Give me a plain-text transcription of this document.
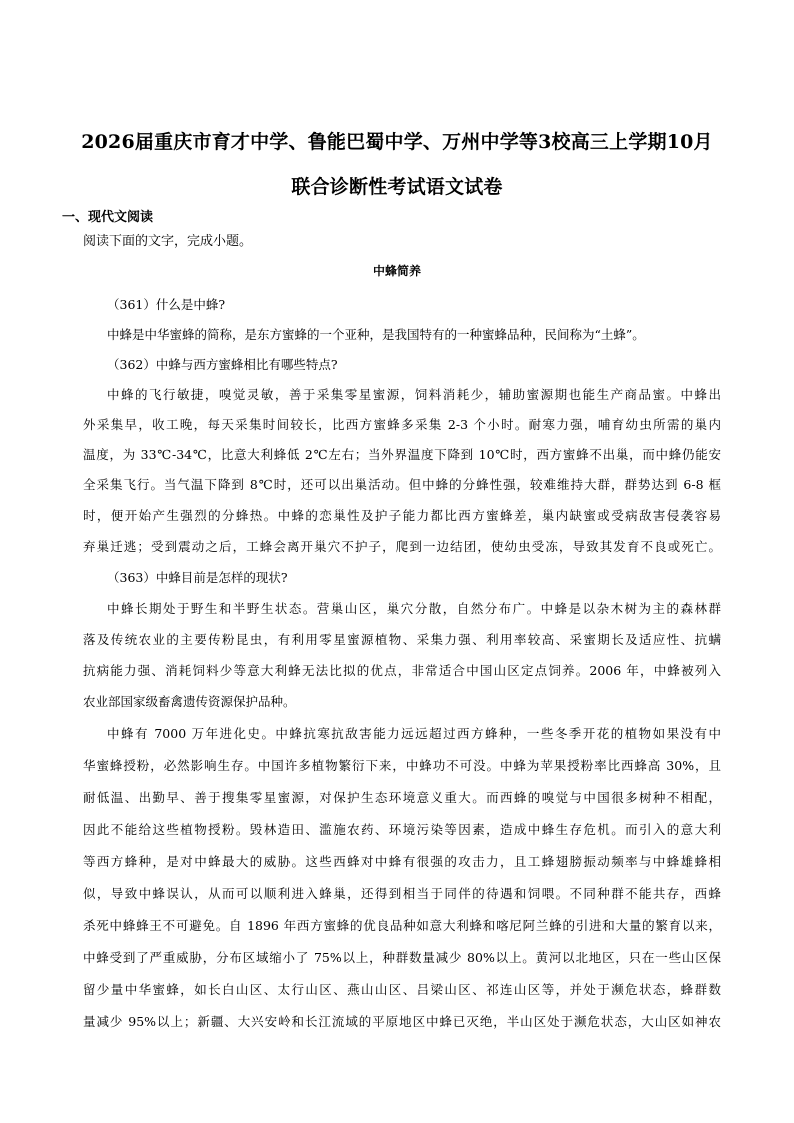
2026届重庆市育才中学、鲁能巴蜀中学、万州中学等3校高三上学期10月
联合诊断性考试语文试卷
一、现代文阅读
阅读下面的文字，完成小题。
中蜂简养
（361）什么是中蜂?
中蜂是中华蜜蜂的简称，是东方蜜蜂的一个亚种，是我国特有的一种蜜蜂品种，民间称为“土蜂”。
（362）中蜂与西方蜜蜂相比有哪些特点?
中蜂的飞行敏捷，嗅觉灵敏，善于采集零星蜜源，饲料消耗少，辅助蜜源期也能生产商品蜜。中蜂出
外采集早，收工晚，每天采集时间较长，比西方蜜蜂多采集 2-3 个小时。耐寒力强，哺育幼虫所需的巢内
温度，为 33℃-34℃，比意大利蜂低 2℃左右；当外界温度下降到 10℃时，西方蜜蜂不出巢，而中蜂仍能安
全采集飞行。当气温下降到 8℃时，还可以出巢活动。但中蜂的分蜂性强，较难维持大群，群势达到 6-8 框
时，便开始产生强烈的分蜂热。中蜂的恋巢性及护子能力都比西方蜜蜂差，巢内缺蜜或受病敌害侵袭容易
弃巢迁逃；受到震动之后，工蜂会离开巢穴不护子，爬到一边结团，使幼虫受冻，导致其发育不良或死亡。
（363）中蜂目前是怎样的现状?
中蜂长期处于野生和半野生状态。营巢山区，巢穴分散，自然分布广。中蜂是以杂木树为主的森林群
落及传统农业的主要传粉昆虫，有利用零星蜜源植物、采集力强、利用率较高、采蜜期长及适应性、抗螨
抗病能力强、消耗饲料少等意大利蜂无法比拟的优点，非常适合中国山区定点饲养。2006 年，中蜂被列入
农业部国家级畜禽遗传资源保护品种。
中蜂有 7000 万年进化史。中蜂抗寒抗敌害能力远远超过西方蜂种，一些冬季开花的植物如果没有中
华蜜蜂授粉，必然影响生存。中国许多植物繁衍下来，中蜂功不可没。中蜂为苹果授粉率比西蜂高 30%，且
耐低温、出勤早、善于搜集零星蜜源，对保护生态环境意义重大。而西蜂的嗅觉与中国很多树种不相配，
因此不能给这些植物授粉。毁林造田、滥施农药、环境污染等因素，造成中蜂生存危机。而引入的意大利
等西方蜂种，是对中蜂最大的威胁。这些西蜂对中蜂有很强的攻击力，且工蜂翅膀振动频率与中蜂雄蜂相
似，导致中蜂误认，从而可以顺利进入蜂巢，还得到相当于同伴的待遇和饲喂。不同种群不能共存，西蜂
杀死中蜂蜂王不可避免。自 1896 年西方蜜蜂的优良品种如意大利蜂和喀尼阿兰蜂的引进和大量的繁育以来，
中蜂受到了严重威胁，分布区域缩小了 75%以上，种群数量减少 80%以上。黄河以北地区，只在一些山区保
留少量中华蜜蜂，如长白山区、太行山区、燕山山区、吕梁山区、祁连山区等，并处于濒危状态，蜂群数
量减少 95%以上；新疆、大兴安岭和长江流域的平原地区中蜂已灭绝，半山区处于濒危状态，大山区如神农
